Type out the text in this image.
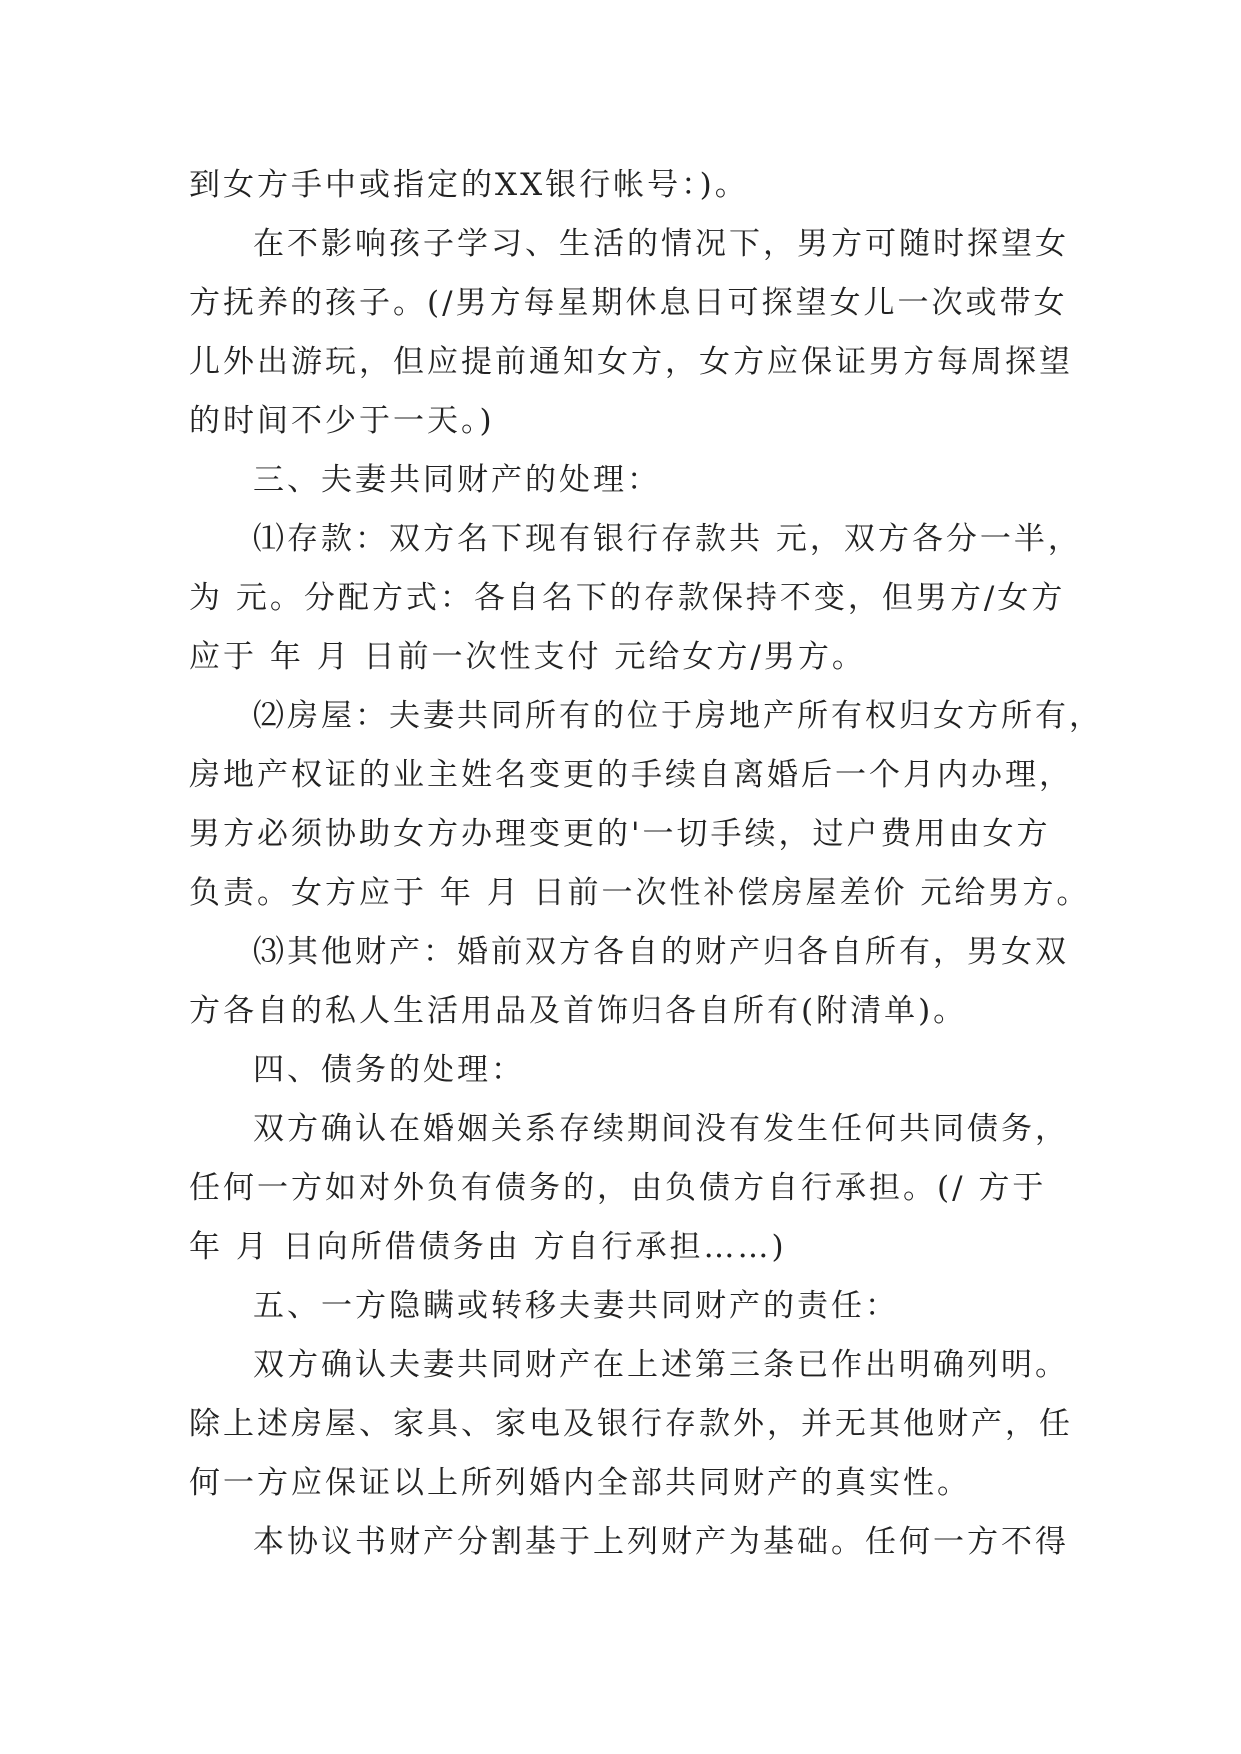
到女方手中或指定的XX银行帐号：)。
在不影响孩子学习、生活的情况下，男方可随时探望女
方抚养的孩子。(/男方每星期休息日可探望女儿一次或带女
儿外出游玩，但应提前通知女方，女方应保证男方每周探望
的时间不少于一天。)
三、夫妻共同财产的处理：
⑴存款：双方名下现有银行存款共 元，双方各分一半，
为 元。分配方式：各自名下的存款保持不变，但男方/女方
应于 年 月 日前一次性支付 元给女方/男方。
⑵房屋：夫妻共同所有的位于房地产所有权归女方所有，
房地产权证的业主姓名变更的手续自离婚后一个月内办理，
男方必须协助女方办理变更的'一切手续，过户费用由女方
负责。女方应于 年 月 日前一次性补偿房屋差价 元给男方。
⑶其他财产：婚前双方各自的财产归各自所有，男女双
方各自的私人生活用品及首饰归各自所有(附清单)。
四、债务的处理：
双方确认在婚姻关系存续期间没有发生任何共同债务，
任何一方如对外负有债务的，由负债方自行承担。(/ 方于
年 月 日向所借债务由 方自行承担……)
五、一方隐瞒或转移夫妻共同财产的责任：
双方确认夫妻共同财产在上述第三条已作出明确列明。
除上述房屋、家具、家电及银行存款外，并无其他财产，任
何一方应保证以上所列婚内全部共同财产的真实性。
本协议书财产分割基于上列财产为基础。任何一方不得
